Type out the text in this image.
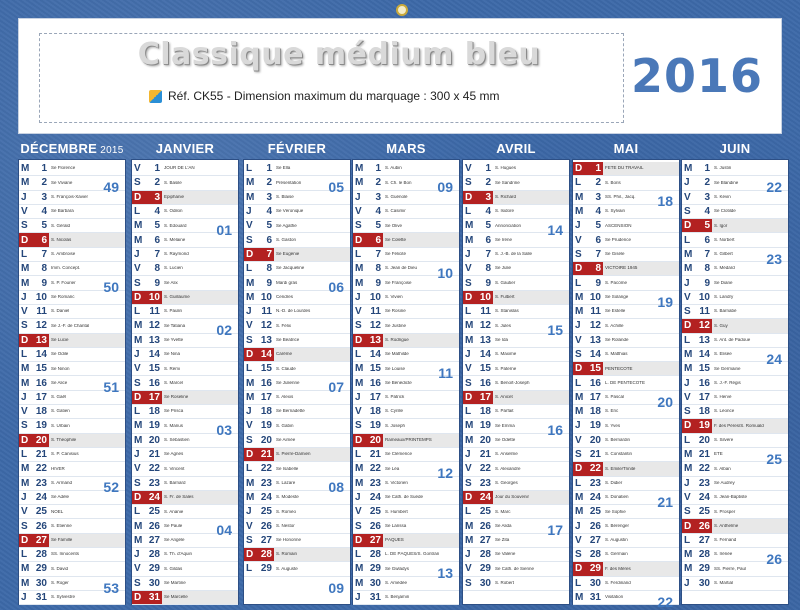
Classique médium bleu
Réf. CK55 - Dimension maximum du marquage : 300 x 45 mm	2016
DÉCEMBRE 2015
M	1 Se Florence
M	2 Se Viviane
J	3 S. François-Xavier
V	4 Se Barbara
S	5 S. Gérald
D	6 S. Nicolas
L	7 S. Ambroise
M	8 Imm. Concept.
M	9 S. P. Fourier
J 10 Se Romaric
V 11 S. Daniel
S 12 Se J.-F. de Chantal
D 13 Se Lucie
L 14 Se Odile
M 15 Se Ninon
M 16 Se Alice
J 17 S. Gaël
V 18 S. Gatien
S 19 S. Urbain
D 20 S. Théophile
L 21 S. P. Canisius
M 22 HIVER
M 23 S. Armand
J 24 Se Adèle
V 25 NOËL
S 26 S. Étienne
D 27 Se Famille
L 28 SS. Innocents
M 29 S. David
M 30 S. Roger
J 31 S. Sylvestre
49
50
51
52
53
JANVIER
V	1 JOUR DE L'AN
S	2 S. Basile
D	3 Épiphanie
L	4 S. Odilon
M	5 S. Édouard
M	6 S. Mélaine
J	7 S. Raymond
V	8 S. Lucien
S	9 Se Alix
D 10 S. Guillaume
L 11 S. Paulin
M 12 Se Tatiana
M 13 Se Yvette
J 14 Se Nina
V 15 S. Rémi
S 16 S. Marcel
D 17 Se Roseline
L 18 Se Prisca
M 19 S. Marius
M 20 S. Sébastien
J 21 Se Agnès
V 22 S. Vincent
S 23 S. Barnard
D 24 S. Fr. de Sales
L 25 S. Ananie
M 26 Se Paule
M 27 Se Angèle
J 28 S. Th. d'Aquin
V 29 S. Gildas
S 30 Se Martine
D 31 Se Marcelle
01
02
03
04
FÉVRIER
L	1 Se Ella
M	2 Présentation
M	3 S. Blaise
J	4 Se Véronique
V	5 Se Agathe
S	6 S. Gaston
D	7 Se Eugénie
L	8 Se Jacqueline
M	9 Mardi gras
M 10 Cendres
J 11 N.-D. de Lourdes
V 12 S. Félix
S 13 Se Béatrice
D 14 Carême
L 15 S. Claude
M 16 Se Julienne
M 17 S. Alexis
J 18 Se Bernadette
V 19 S. Gabin
S 20 Se Aimée
D 21 S. Pierre-Damien
L 22 Se Isabelle
M 23 S. Lazare
M 24 S. Modeste
J 25 S. Roméo
V 26 S. Nestor
S 27 Se Honorine
D 28 S. Romain
L 29 S. Auguste
05
06
07
08
09
MARS
M	1 S. Aubin
M	2 S. Ch. le Bon
J	3 S. Guénolé
V	4 S. Casimir
S	5 Se Olive
D	6 Se Colette
L	7 Se Félicité
M	8 S. Jean de Dieu
M	9 Se Françoise
J 10 S. Vivien
V 11 Se Rosine
S 12 Se Justine
D 13 S. Rodrigue
L 14 Se Mathilde
M 15 Se Louise
M 16 Se Bénédicte
J 17 S. Patrick
V 18 S. Cyrille
S 19 S. Joseph
D 20 Rameaux/PRINTEMPS
L 21 Se Clémence
M 22 Se Léa
M 23 S. Victorien
J 24 Se Cath. de Suède
V 25 S. Humbert
S 26 Se Larissa
D 27 PÂQUES
L 28 L. DE PÂQUES/S. Gontran
M 29 Se Gwladys
M 30 S. Amédée
J 31 S. Benjamin
09
10
11
12
13
AVRIL
V	1 S. Hugues
S	2 Se Sandrine
D	3 S. Richard
L	4 S. Isidore
M	5 Annonciation
M	6 Se Irène
J	7 S. J.-B. de la Salle
V	8 Se Julie
S	9 S. Gautier
D 10 S. Fulbert
L 11 S. Stanislas
M 12 S. Jules
M 13 Se Ida
J 14 S. Maxime
V 15 S. Paterne
S 16 S. Benoît-Joseph
D 17 S. Anicet
L 18 S. Parfait
M 19 Se Emma
M 20 Se Odette
J 21 S. Anselme
V 22 S. Alexandre
S 23 S. Georges
D 24 Jour du Souvenir
L 25 S. Marc
M 26 Se Alida
M 27 Se Zita
J 28 Se Valérie
V 29 Se Cath. de Sienne
S 30 S. Robert
14
15
16
17
MAI
D	1 FÊTE DU TRAVAIL
L	2 S. Boris
M	3 SS. Phil., Jacq.
M	4 S. Sylvain
J	5 ASCENSION
V	6 Se Prudence
S	7 Se Gisèle
D	8 VICTOIRE 1945
L	9 S. Pacôme
M 10 Se Solange
M 11 Se Estelle
J 12 S. Achille
V 13 Se Rolande
S 14 S. Matthias
D 15 PENTECÔTE
L 16 L. DE PENTECÔTE
M 17 S. Pascal
M 18 S. Éric
J 19 S. Yves
V 20 S. Bernardin
S 21 S. Constantin
D 22 S. Émile/Trinité
L 23 S. Didier
M 24 S. Donatien
M 25 Se Sophie
J 26 S. Bérenger
V 27 S. Augustin
S 28 S. Germain
D 29 F. des Mères
L 30 S. Ferdinand
M 31 Visitation
18
19
20
21
22
JUIN
M	1 S. Justin
J	2 Se Blandine
V	3 S. Kévin
S	4 Se Clotilde
D	5 S. Igor
L	6 S. Norbert
M	7 S. Gilbert
M	8 S. Médard
J	9 Se Diane
V 10 S. Landry
S 11 S. Barnabé
D 12 S. Guy
L 13 S. Ant. de Padoue
M 14 S. Élisée
M 15 Se Germaine
J 16 S. J.-F. Régis
V 17 S. Hervé
S 18 S. Léonce
D 19 F. des Pères/S. Romuald
L 20 S. Silvère
M 21 ÉTÉ
M 22 S. Alban
J 23 Se Audrey
V 24 S. Jean-Baptiste
S 25 S. Prosper
D 26 S. Anthelme
L 27 S. Fernand
M 28 S. Irénée
M 29 SS. Pierre, Paul
J 30 S. Martial
22
23
24
25
26
